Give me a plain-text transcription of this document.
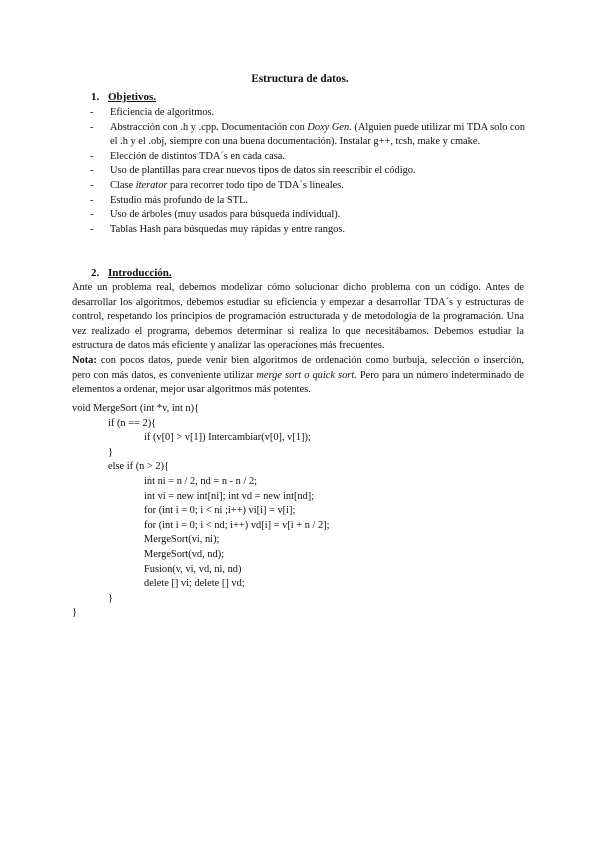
Estructura de datos.
1. Objetivos.
- Eficiencia de algoritmos.
- Abstracción con .h y .cpp. Documentación con Doxy Gen. (Alguien puede utilizar mi TDA solo con el .h y el .obj, siempre con una buena documentación). Instalar g++, tcsh, make y cmake.
- Elección de distintos TDA´s en cada casa.
- Uso de plantillas para crear nuevos tipos de datos sin reescribir el código.
- Clase iterator para recorrer todo tipo de TDA´s lineales.
- Estudio más profundo de la STL.
- Uso de árboles (muy usados para búsqueda individual).
- Tablas Hash para búsquedas muy rápidas y entre rangos.
2. Introducción.

Ante un problema real, debemos modelizar cómo solucionar dicho problema con un código. Antes de desarrollar los algoritmos, debemos estudiar su eficiencia y empezar a desarrollar TDA´s y estructuras de control, respetando los principios de programación estructurada y de metodología de la programación. Una vez realizado el programa, debemos determinar si realiza lo que necesitábamos. Debemos estudiar la estructura de datos más eficiente y analizar las operaciones más frecuentes.

Nota: con pocos datos, puede venir bien algoritmos de ordenación como burbuja, selección o inserción, pero con más datos, es conveniente utilizar merge sort o quick sort. Pero para un número indeterminado de elementos a ordenar, mejor usar algoritmos más potentes.

void MergeSort (int *v, int n){
if (n == 2){
if (v[0] > v[1]) Intercambiar(v[0], v[1]);
}
else if (n > 2){
int ni = n / 2, nd = n - n / 2;
int vi = new int[ni]; int vd = new int[nd];
for (int i = 0; i < ni ;i++) vi[i] = v[i];
for (int i = 0; i < nd; i++) vd[i] = v[i + n / 2];
MergeSort(vi, ni);
MergeSort(vd, nd);
Fusion(v, vi, vd, ni, nd)
delete [] vi; delete [] vd;
}
}
